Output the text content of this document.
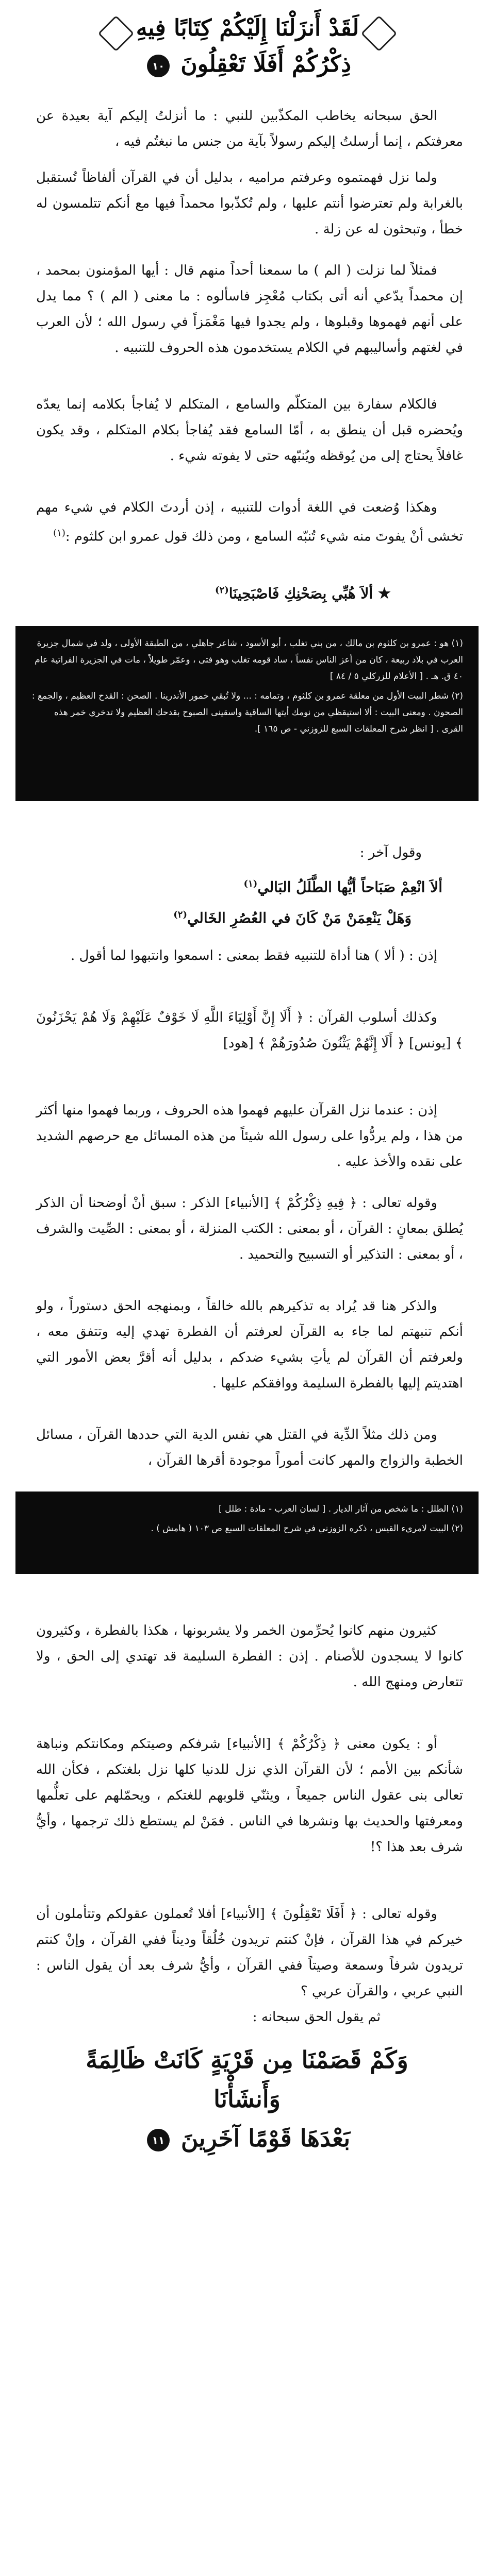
لَقَدْ أَنزَلْنَا إِلَيْكُمْ كِتَابًا فِيهِ
ذِكْرُكُمْ أَفَلَا تَعْقِلُونَ ١٠

الحق سبحانه يخاطب المكذّبين للنبي : ما أنزلتُ إليكم آية بعيدة عن معرفتكم ، إنما أرسلتُ إليكم رسولاً بآية من جنس ما نبغتُم فيه ،

ولما نزل فهمتموه وعرفتم مراميه ، بدليل أن في القرآن ألفاظاً تُستقبل بالغرابة ولم تعترضوا أنتم عليها ، ولم تُكذّبوا محمداً فيها مع أنكم تتلمسون له خطأ ، وتبحثون له عن زلة .

فمثلاً لما نزلت ( الم ) ما سمعنا أحداً منهم قال : أيها المؤمنون بمحمد ، إن محمداً يدّعي أنه أتى بكتاب مُعْجِز فاسألوه : ما معنى ( الم ) ؟ مما يدل على أنهم فهموها وقبلوها ، ولم يجدوا فيها مَغْمَزاً في رسول الله ؛ لأن العرب في لغتهم وأساليبهم في الكلام يستخدمون هذه الحروف للتنبيه .

فالكلام سفارة بين المتكلّم والسامع ، المتكلم لا يُفاجأ بكلامه إنما يعدّه ويُحضره قبل أن ينطق به ، أمّا السامع فقد يُفاجأ بكلام المتكلم ، وقد يكون غافلاً يحتاج إلى من يُوقظه ويُنبّهه حتى لا يفوته شيء .

وهكذا وُضعت في اللغة أدوات للتنبيه ، إذن أردتَ الكلام في شيء مهم تخشى أنْ يفوتَ منه شيء تُنبّه السامع ، ومن ذلك قول عمرو ابن كلثوم :$^{(١)}$

★ ألاَ هُبِّي بِصَحْنِكِ فَاصْبَحِينَا$^{(٢)}$

(١) هو : عمرو بن كلثوم بن مالك ، من بني تغلب ، أبو الأسود ، شاعر جاهلي ، من الطبقة الأولى ، ولد في شمال جزيرة العرب في بلاد ربيعة ، كان من أعز الناس نفساً ، ساد قومه تغلب وهو فتى ، وعمّر طويلاً ، مات في الجزيرة الفراتية عام ٤٠ ق. هـ . [ الأعلام للزركلي ٥ / ٨٤ ]

(٢) شطر البيت الأول من معلقة عمرو بن كلثوم ، وتمامه : ... ولا تُبقي خمور الأندرينا . الصحن : القدح العظيم ، والجمع : الصحون . ومعنى البيت : ألا استيقظي من نومك أيتها الساقية واسقينى الصبوح بقدحك العظيم ولا تدخري خمر هذه القرى . [ انظر شرح المعلقات السبع للزوزني - ص ١٦٥ ].

وقول آخر :

ألاَ انْعِمْ صَبَاحاً أيُّها الطَّلَلُ البَالي$^{(١)}$
وَهَلْ يَنْعِمَنْ مَنْ كَانَ في العُصُرِ الخَالي$^{(٢)}$

إذن : ( ألا ) هنا أداة للتنبيه فقط بمعنى : اسمعوا وانتبهوا لما أقول .

وكذلك أسلوب القرآن : ﴿ أَلَا إِنَّ أَوْلِيَاءَ اللَّهِ لَا خَوْفٌ عَلَيْهِمْ وَلَا هُمْ يَحْزَنُونَ ﴾ [يونس] ﴿ أَلَا إِنَّهُمْ يَثْنُونَ صُدُورَهُمْ ﴾ [هود]

إذن : عندما نزل القرآن عليهم فهموا هذه الحروف ، وربما فهموا منها أكثر من هذا ، ولم يردُّوا على رسول الله شيئاً من هذه المسائل مع حرصهم الشديد على نقده والأخذ عليه .

وقوله تعالى : ﴿ فِيهِ ذِكْرُكُمْ ﴾ [الأنبياء] الذكر : سبق أنْ أوضحنا أن الذكر يُطلق بمعانٍ : القرآن ، أو بمعنى : الكتب المنزلة ، أو بمعنى : الصِّيت والشرف ، أو بمعنى : التذكير أو التسبيح والتحميد .

والذكر هنا قد يُراد به تذكيرهم بالله خالقاً ، وبمنهجه الحق دستوراً ، ولو أنكم تنبهتم لما جاء به القرآن لعرفتم أن الفطرة تهدي إليه وتتفق معه ، ولعرفتم أن القرآن لم يأتِ بشيء ضدكم ، بدليل أنه أقرَّ بعض الأمور التي اهتديتم إليها بالفطرة السليمة ووافقكم عليها .

ومن ذلك مثلاً الدِّية في القتل هي نفس الدية التي حددها القرآن ، مسائل الخطبة والزواج والمهر كانت أموراً موجودة أقرها القرآن ،

(١) الطلل : ما شخص من آثار الديار . [ لسان العرب - مادة : طلل ]

(٢) البيت لامرىء القيس ، ذكره الزوزني في شرح المعلقات السبع ص ١٠٣ ( هامش ) .

كثيرون منهم كانوا يُحرِّمون الخمر ولا يشربونها ، هكذا بالفطرة ، وكثيرون كانوا لا يسجدون للأصنام . إذن : الفطرة السليمة قد تهتدي إلى الحق ، ولا تتعارض ومنهج الله .

أو : يكون معنى ﴿ ذِكْرُكُمْ ﴾ [الأنبياء] شرفكم وصيتكم ومكانتكم ونباهة شأنكم بين الأمم ؛ لأن القرآن الذي نزل للدنيا كلها نزل بلغتكم ، فكأن الله تعالى بنى عقول الناس جميعاً ، ويثنّي قلوبهم للغتكم ، ويحمّلهم على تعلُّمها ومعرفتها والحديث بها ونشرها في الناس . فمَنْ لم يستطع ذلك ترجمها ، وأيُّ شرف بعد هذا ؟!

وقوله تعالى : ﴿ أَفَلَا تَعْقِلُونَ ﴾ [الأنبياء] أفلا تُعملون عقولكم وتتأملون أن خيركم في هذا القرآن ، فإنْ كنتم تريدون خُلُقاً وديناً ففي القرآن ، وإنْ كنتم تريدون شرفاً وسمعة وصيتاً ففي القرآن ، وأيُّ شرف بعد أن يقول الناس : النبي عربي ، والقرآن عربي ؟

ثم يقول الحق سبحانه :

وَكَمْ قَصَمْنَا مِن قَرْيَةٍ كَانَتْ ظَالِمَةً وَأَنشَأْنَا
بَعْدَهَا قَوْمًا آخَرِينَ ١١
